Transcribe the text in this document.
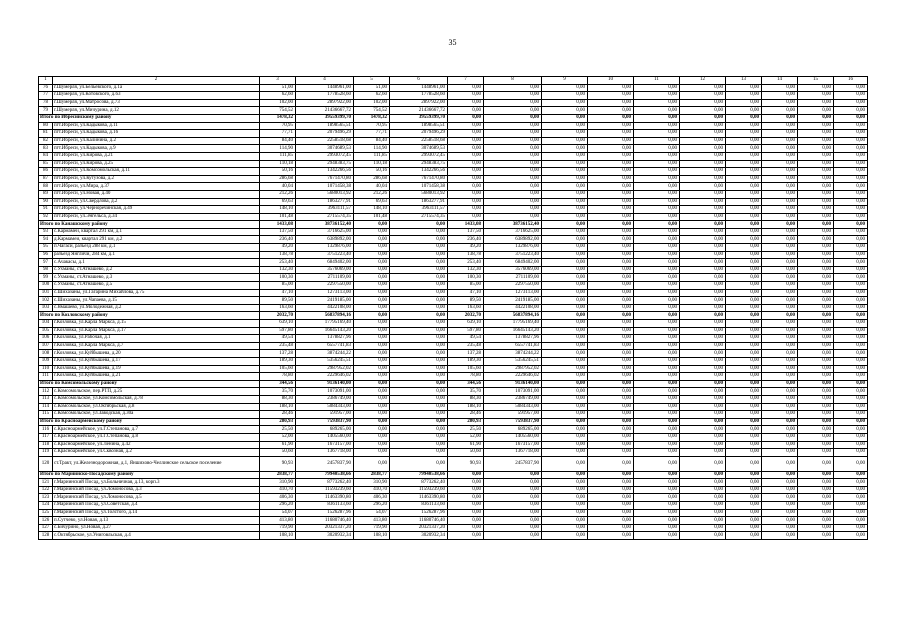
35
1	2	3	4	5	6	7	8	9	10	11	12	13	14	15	16
76	г.Шумерля, ул.Бельевского, д.1а	51,00	1448961,00	51,00	1448961,00	0,00	0,00	0,00	0,00	0,00	0,00	0,00	0,00	0,00	0,00
77	г.Шумерля, ул.Котовского, д.63	62,60	1778528,60	62,60	1778528,60	0,00	0,00	0,00	0,00	0,00	0,00	0,00	0,00	0,00	0,00
78	г.Шумерля, ул.Матросова, д.73	102,00	2897922,00	102,00	2897922,00	0,00	0,00	0,00	0,00	0,00	0,00	0,00	0,00	0,00	0,00
79	г.Шумерля, ул.Мичурина, д.12	754,52	21436667,72	754,52	21436667,72	0,00	0,00	0,00	0,00	0,00	0,00	0,00	0,00	0,00	0,00
Итого по Ибресинскому району		1478,32	39559399,70	1478,32	39559399,70	0,00	0,00	0,00	0,00	0,00	0,00	0,00	0,00	0,00	0,00
80	пгт.Ибреси, ул.Кадыкова, д.11	70,95	1898565,51	70,95	1898565,51	0,00	0,00	0,00	0,00	0,00	0,00	0,00	0,00	0,00	0,00
81	пгт.Ибреси, ул.Кадыкова, д.16	77,71	2079496,29	77,71	2079496,29	0,00	0,00	0,00	0,00	0,00	0,00	0,00	0,00	0,00	0,00
82	пгт.Ибреси, ул.Калинина, д.2	84,40	2258518,68	84,40	2258518,68	0,00	0,00	0,00	0,00	0,00	0,00	0,00	0,00	0,00	0,00
83	пгт.Ибреси, ул.Кадыкова, д.9	114,90	3074689,53	114,90	3074689,53	0,00	0,00	0,00	0,00	0,00	0,00	0,00	0,00	0,00	0,00
84	пгт.Ибреси, ул.Кирова, д.21	111,85	2993072,45	111,85	2993072,45	0,00	0,00	0,00	0,00	0,00	0,00	0,00	0,00	0,00	0,00
85	пгт.Ибреси, ул.Кирова, д.25	110,18	2948383,75	110,18	2948383,75	0,00	0,00	0,00	0,00	0,00	0,00	0,00	0,00	0,00	0,00
86	пгт.Ибреси, ул.Комсомольская, д.11	50,16	1342266,56	50,16	1342266,56	0,00	0,00	0,00	0,00	0,00	0,00	0,00	0,00	0,00	0,00
87	пгт.Ибреси, ул.Кутузова, д.2	286,68	7671470,80	286,68	7671470,80	0,00	0,00	0,00	0,00	0,00	0,00	0,00	0,00	0,00	0,00
88	пгт.Ибреси, ул.Мира, д.37	40,04	1071458,38	40,04	1071458,38	0,00	0,00	0,00	0,00	0,00	0,00	0,00	0,00	0,00	0,00
89	пгт.Ибреси, ул.Новая, д.40	212,26	5680013,92	212,26	5680013,92	0,00	0,00	0,00	0,00	0,00	0,00	0,00	0,00	0,00	0,00
90	пгт.Ибреси, ул.Свердлова, д.2	69,63	1863277,91	69,63	1863277,91	0,00	0,00	0,00	0,00	0,00	0,00	0,00	0,00	0,00	0,00
91	пгт.Ибреси, ул.Черноречинская, д.49	148,10	3963111,57	148,10	3963111,57	0,00	0,00	0,00	0,00	0,00	0,00	0,00	0,00	0,00	0,00
92	пгт.Ибреси, ул.Энгельса, д.34	101,48	2715574,35	101,48	2715574,35	0,00	0,00	0,00	0,00	0,00	0,00	0,00	0,00	0,00	0,00
Итого по Канашскому району		1433,08	38736152,40	0,00	0,00	1433,08	38736152,40	0,00	0,00	0,00	0,00	0,00	0,00	0,00	0,00
93	с.Кармамеи, квартал 291 км, д.1	137,50	3716625,00	0,00	0,00	137,50	3716625,00	0,00	0,00	0,00	0,00	0,00	0,00	0,00	0,00
94	д.Кармамеи, квартал 291 км, д.2	236,40	6389892,00	0,00	0,00	236,40	6389892,00	0,00	0,00	0,00	0,00	0,00	0,00	0,00	0,00
95	п.Чагаси, разъезд 288 км, д.1	49,20	1329876,00	0,00	0,00	49,20	1329876,00	0,00	0,00	0,00	0,00	0,00	0,00	0,00	0,00
96	разъезд Янгличи, 284 км, д.1	138,78	3751223,40	0,00	0,00	138,78	3751223,40	0,00	0,00	0,00	0,00	0,00	0,00	0,00	0,00
97	с.Ачакасы, д.1	253,40	6849402,00	0,00	0,00	253,40	6849402,00	0,00	0,00	0,00	0,00	0,00	0,00	0,00	0,00
98	с.Ухманы, ст.Атнашево, д.2	132,30	3576069,00	0,00	0,00	132,30	3576069,00	0,00	0,00	0,00	0,00	0,00	0,00	0,00	0,00
99	с.Ухманы, ст.Атнашево, д.3	100,30	2711109,00	0,00	0,00	100,30	2711109,00	0,00	0,00	0,00	0,00	0,00	0,00	0,00	0,00
100	с.Ухманы, ст.Атнашево, д.5	85,00	2297550,00	0,00	0,00	85,00	2297550,00	0,00	0,00	0,00	0,00	0,00	0,00	0,00	0,00
101	с.Шихазаны, ул.Гагарина Михайлова, д.75	47,10	1273113,00	0,00	0,00	47,10	1273113,00	0,00	0,00	0,00	0,00	0,00	0,00	0,00	0,00
102	с.Шихазаны, ул.Чапаева, д.15	89,50	2419185,00	0,00	0,00	89,50	2419185,00	0,00	0,00	0,00	0,00	0,00	0,00	0,00	0,00
103	с.Ямашево, ул.Молодежная, д.2	163,60	4422108,00	0,00	0,00	163,60	4422108,00	0,00	0,00	0,00	0,00	0,00	0,00	0,00	0,00
Итого по Козловскому району		2032,70	56837894,16	0,00	0,00	2032,70	56837894,16	0,00	0,00	0,00	0,00	0,00	0,00	0,00	0,00
104	г.Козловка, ул.Карла Маркса, д.15	639,10	17795169,40	0,00	0,00	639,10	17795169,40	0,00	0,00	0,00	0,00	0,00	0,00	0,00	0,00
105	г.Козловка, ул.Карла Маркса, д.17	597,80	16645143,20	0,00	0,00	597,80	16645143,20	0,00	0,00	0,00	0,00	0,00	0,00	0,00	0,00
106	г.Козловка, ул.Рабочая, д.1	49,54	1378827,96	0,00	0,00	49,54	1378827,96	0,00	0,00	0,00	0,00	0,00	0,00	0,00	0,00
107	г.Козловка, ул.Карла Маркса, д.7	235,48	6557741,83	0,00	0,00	235,48	6557741,83	0,00	0,00	0,00	0,00	0,00	0,00	0,00	0,00
108	г.Козловка, ул.Куйбышева, д.20	137,28	3874244,22	0,00	0,00	137,28	3874244,22	0,00	0,00	0,00	0,00	0,00	0,00	0,00	0,00
109	г.Козловка, ул.Куйбышева, д.17	189,30	5356245,51	0,00	0,00	189,30	5356245,51	0,00	0,00	0,00	0,00	0,00	0,00	0,00	0,00
110	г.Козловка, ул.Куйбышева, д.19	105,60	2987952,02	0,00	0,00	105,60	2987952,02	0,00	0,00	0,00	0,00	0,00	0,00	0,00	0,00
111	г.Козловка, ул.Куйбышева, д.21	78,80	2229646,02	0,00	0,00	78,80	2229646,02	0,00	0,00	0,00	0,00	0,00	0,00	0,00	0,00
Итого по Комсомольскому району		344,56	9136140,00	0,00	0,00	344,56	9136140,00	0,00	0,00	0,00	0,00	0,00	0,00	0,00	0,00
112	с.Комсомольское, пер.РТП, д.25	35,70	1073091,00	0,00	0,00	35,70	1073091,00	0,00	0,00	0,00	0,00	0,00	0,00	0,00	0,00
113	с.Комсомольское, ул.Комсомольская, д.78	88,30	2386749,00	0,00	0,00	88,30	2386749,00	0,00	0,00	0,00	0,00	0,00	0,00	0,00	0,00
114	с.Комсомольское, ул.Октябрьская, д.8	188,10	5084343,00	0,00	0,00	188,10	5084343,00	0,00	0,00	0,00	0,00	0,00	0,00	0,00	0,00
115	с.Комсомольское, ул.Заводская, д.30а	28,46	591957,00	0,00	0,00	28,46	591957,00	0,00	0,00	0,00	0,00	0,00	0,00	0,00	0,00
Итого по Красноармейскому району		280,93	7593837,90	0,00	0,00	280,93	7593837,90	0,00	0,00	0,00	0,00	0,00	0,00	0,00	0,00
116	с.Красноармейское, ул.Г.Степанова, д.7	25,50	689265,00	0,00	0,00	25,50	689265,00	0,00	0,00	0,00	0,00	0,00	0,00	0,00	0,00
117	с.Красноармейское, ул.Г.Степанова, д.8	52,00	1405560,00	0,00	0,00	52,00	1405560,00	0,00	0,00	0,00	0,00	0,00	0,00	0,00	0,00
118	с.Красноармейское, ул.Ленина, д.42	61,90	1673157,00	0,00	0,00	61,90	1673157,00	0,00	0,00	0,00	0,00	0,00	0,00	0,00	0,00
119	с.Красноармейское, ул.Сквозная, д.2	50,60	1367718,00	0,00	0,00	50,60	1367718,00	0,00	0,00	0,00	0,00	0,00	0,00	0,00	0,00
120	ст.Тракт, ул.Железнодорожная, д.1, Яншихово-Челлинское сельское поселение	90,93	2457837,90	0,00	0,00	90,93	2457837,90	0,00	0,00	0,00	0,00	0,00	0,00	0,00	0,00
Итого по Мариинско-Посадскому району		2838,77	79940538,66	2838,77	79940538,66	0,00	0,00	0,00	0,00	0,00	0,00	0,00	0,00	0,00	0,00
121	г.Мариинский Посад, ул.Больничная, д.13, корп.3	310,90	8773262,40	310,90	8773262,40	0,00	0,00	0,00	0,00	0,00	0,00	0,00	0,00	0,00	0,00
122	г.Мариинский Посад, ул.Ломоносова, д.3	410,70	11593239,60	410,70	11593239,60	0,00	0,00	0,00	0,00	0,00	0,00	0,00	0,00	0,00	0,00
123	г.Мариинский Посад, ул.Ломоносова, д.5	406,30	11463390,80	406,30	11463390,80	0,00	0,00	0,00	0,00	0,00	0,00	0,00	0,00	0,00	0,00
124	г.Мариинский Посад, ул.Советская, д.4	296,20	8361133,60	296,20	8361133,60	0,00	0,00	0,00	0,00	0,00	0,00	0,00	0,00	0,00	0,00
125	г.Мариинский Посад, ул.Толстого, д.14	54,07	1526287,96	54,07	1526287,96	0,00	0,00	0,00	0,00	0,00	0,00	0,00	0,00	0,00	0,00
126	п.Сутчево, ул.Новая, д.13	413,80	11680746,40	413,80	11680746,40	0,00	0,00	0,00	0,00	0,00	0,00	0,00	0,00	0,00	0,00
127	с.Бичурино, ул.Новая, д.27	719,90	20321337,20	719,90	20321337,20	0,00	0,00	0,00	0,00	0,00	0,00	0,00	0,00	0,00	0,00
128	с.Октябрьское, ул.Униговльская, д.4	108,10	3020932,34	108,10	3020932,34	0,00	0,00	0,00	0,00	0,00	0,00	0,00	0,00	0,00	0,00
